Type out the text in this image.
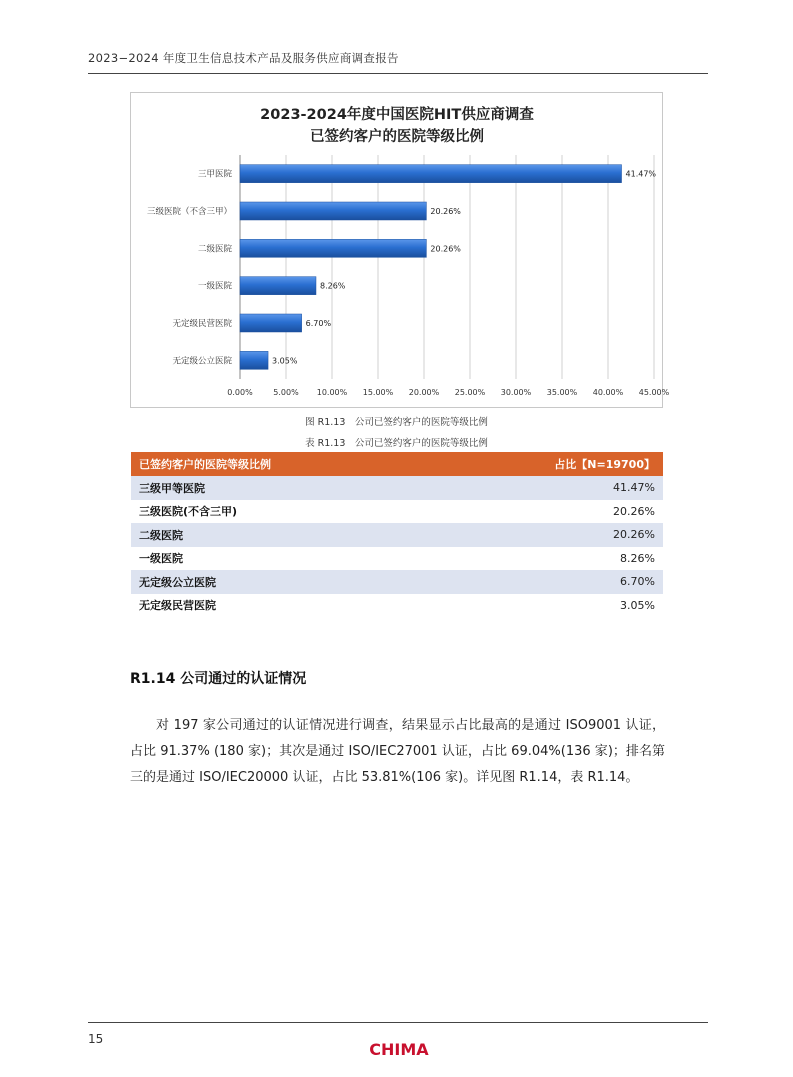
2023−2024 年度卫生信息技术产品及服务供应商调查报告
2023-2024年度中国医院HIT供应商调查
已签约客户的医院等级比例
0.00%	5.00% 10.00% 15.00% 20.00% 25.00% 30.00% 35.00% 40.00% 45.00%
三甲医院	41.47%
三级医院（不含三甲）	20.26%
二级医院	20.26%
一级医院	8.26%
无定级民营医院	6.70%
无定级公立医院	3.05%
图 R1.13　公司已签约客户的医院等级比例
表 R1.13　公司已签约客户的医院等级比例
已签约客户的医院等级比例	占比【N=19700】
三级甲等医院	41.47%
三级医院(不含三甲)	20.26%
二级医院	20.26%
一级医院	8.26%
无定级公立医院	6.70%
无定级民营医院	3.05%
R1.14 公司通过的认证情况
对 197 家公司通过的认证情况进行调查，结果显示占比最高的是通过 ISO9001 认证，占比 91.37% (180 家)；其次是通过 ISO/IEC27001 认证，占比 69.04%(136 家)；排名第三的是通过 ISO/IEC20000 认证，占比 53.81%(106 家)。详见图 R1.14，表 R1.14。
15
CHIMA
